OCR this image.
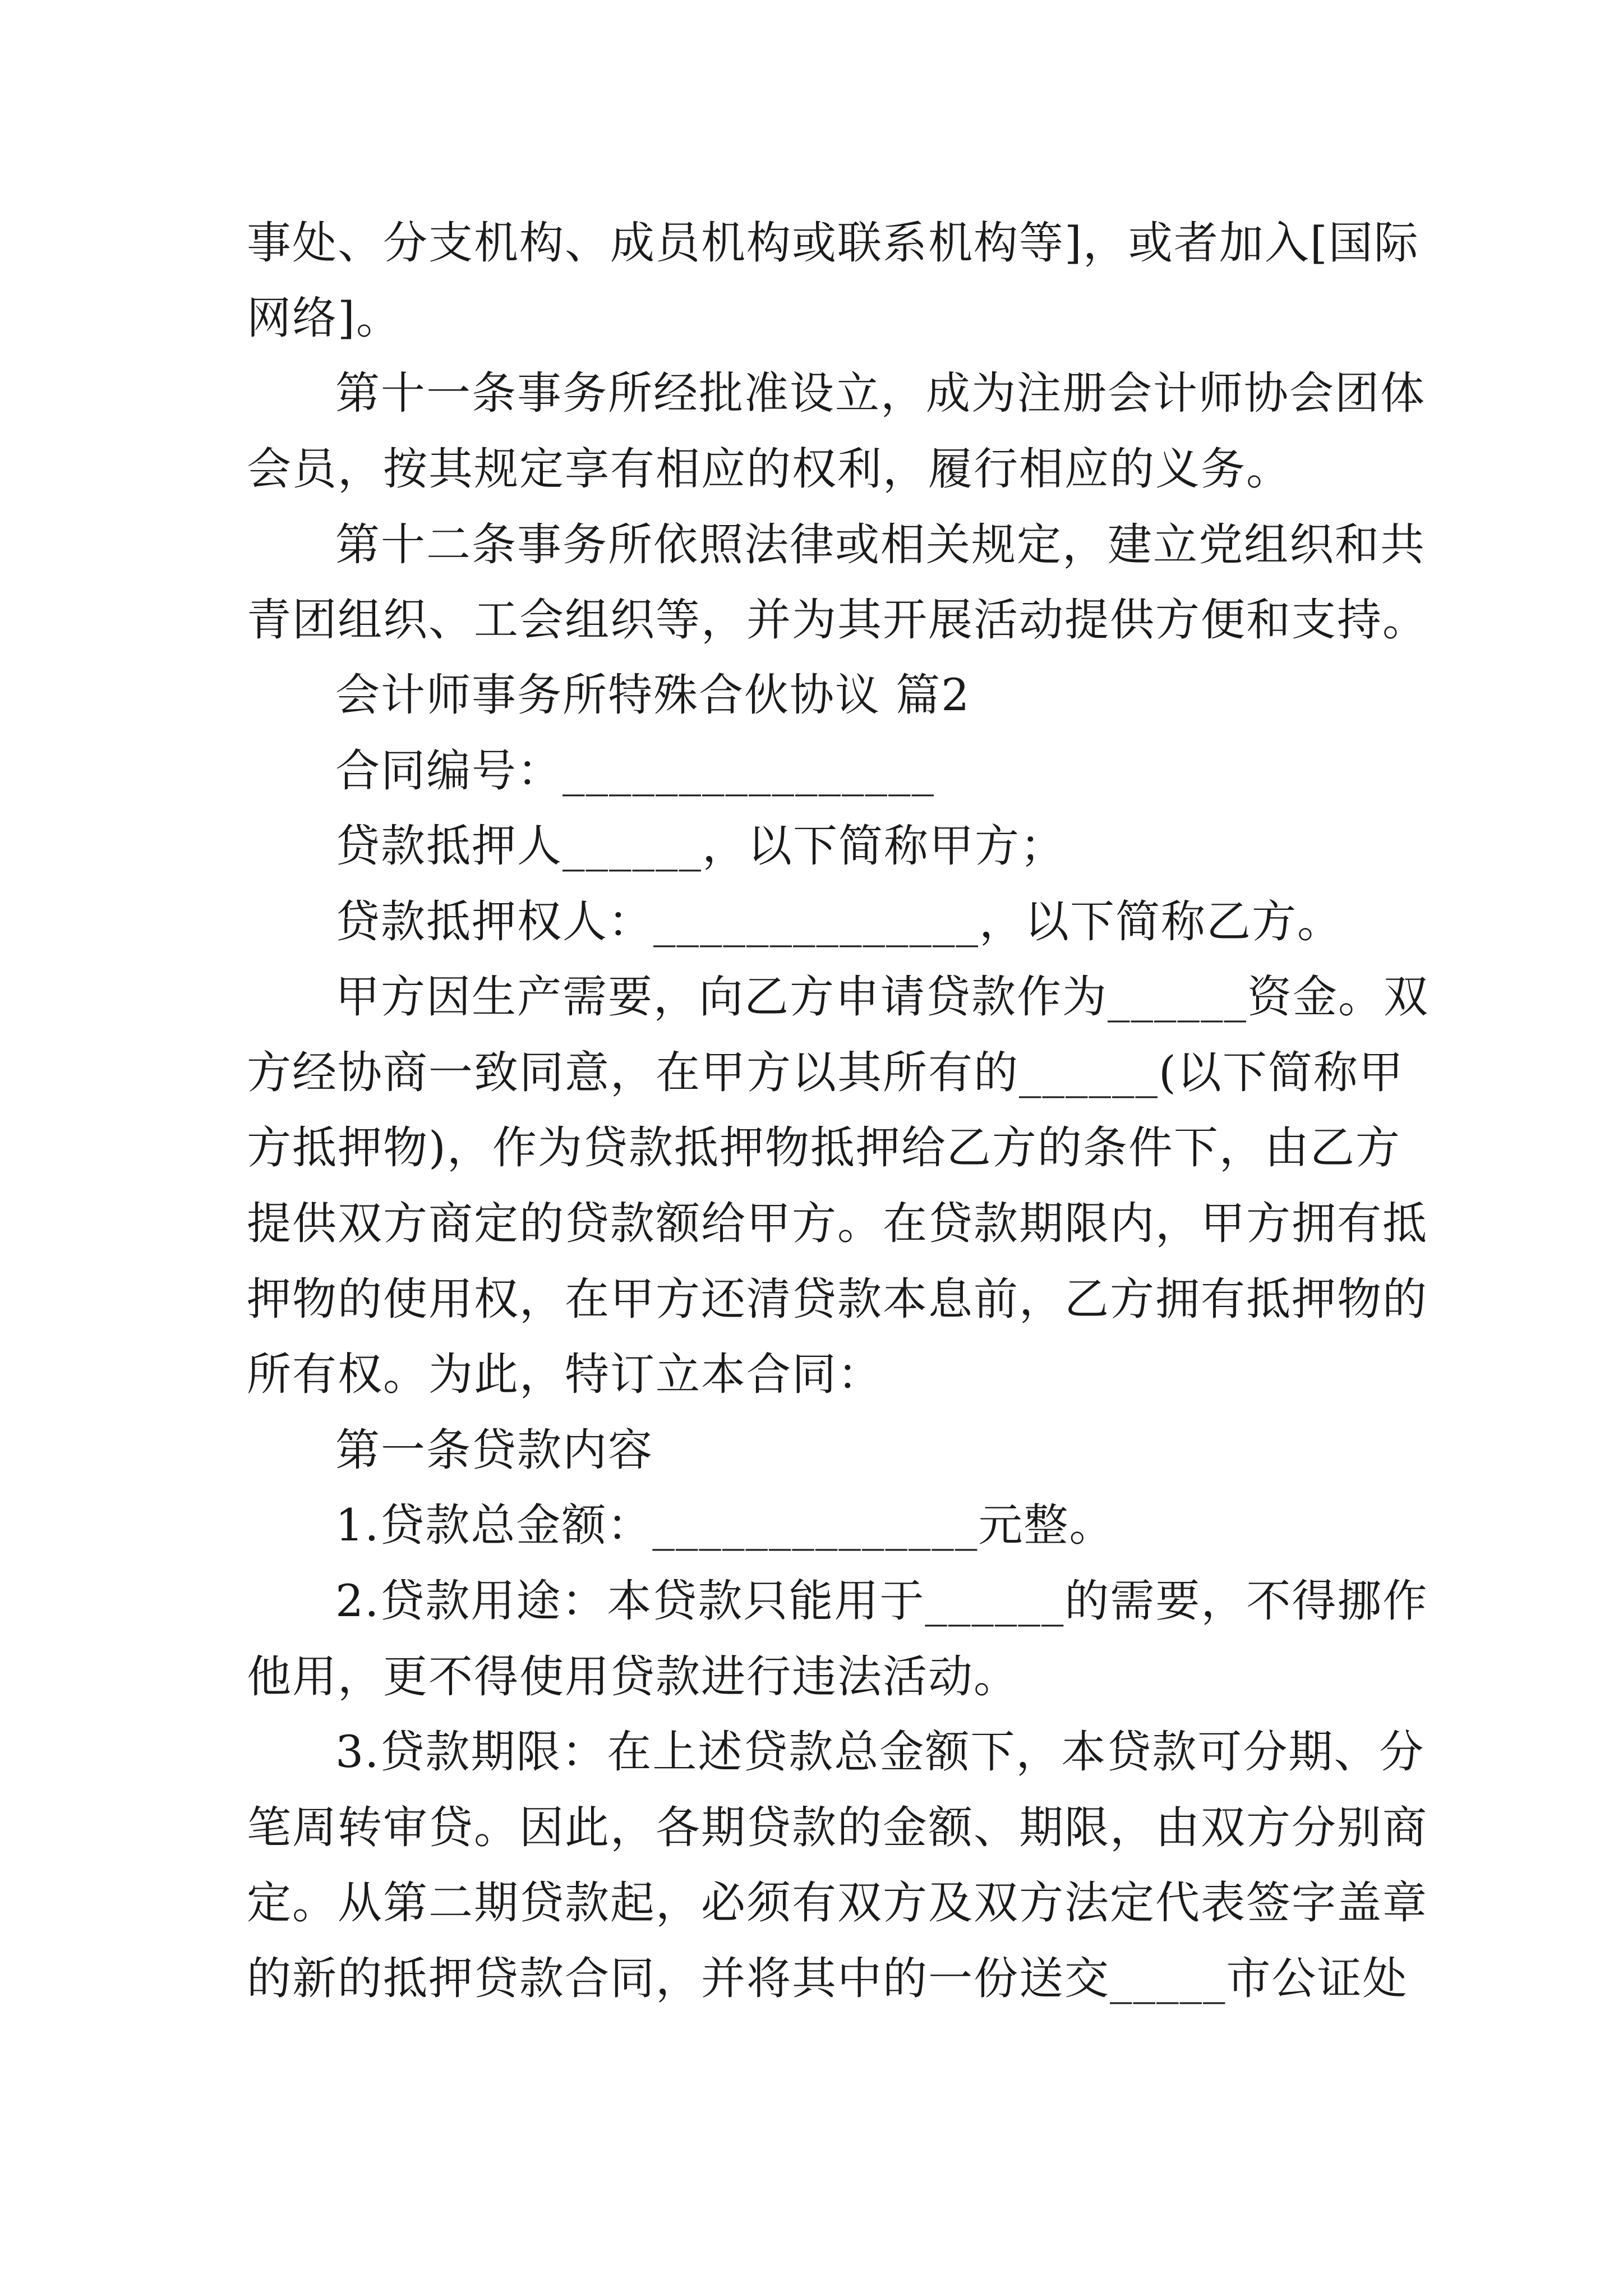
事处、分支机构、成员机构或联系机构等]，或者加入[国际
网络]。
第十一条事务所经批准设立，成为注册会计师协会团体
会员，按其规定享有相应的权利，履行相应的义务。
第十二条事务所依照法律或相关规定，建立党组织和共
青团组织、工会组织等，并为其开展活动提供方便和支持。
会计师事务所特殊合伙协议 篇2
合同编号：________________
贷款抵押人______，以下简称甲方；
贷款抵押权人：______________，以下简称乙方。
甲方因生产需要，向乙方申请贷款作为______资金。双
方经协商一致同意，在甲方以其所有的______(以下简称甲
方抵押物)，作为贷款抵押物抵押给乙方的条件下，由乙方
提供双方商定的贷款额给甲方。在贷款期限内，甲方拥有抵
押物的使用权，在甲方还清贷款本息前，乙方拥有抵押物的
所有权。为此，特订立本合同：
第一条贷款内容
1.贷款总金额：______________元整。
2.贷款用途：本贷款只能用于______的需要，不得挪作
他用，更不得使用贷款进行违法活动。
3.贷款期限：在上述贷款总金额下，本贷款可分期、分
笔周转审贷。因此，各期贷款的金额、期限，由双方分别商
定。从第二期贷款起，必须有双方及双方法定代表签字盖章
的新的抵押贷款合同，并将其中的一份送交_____市公证处
